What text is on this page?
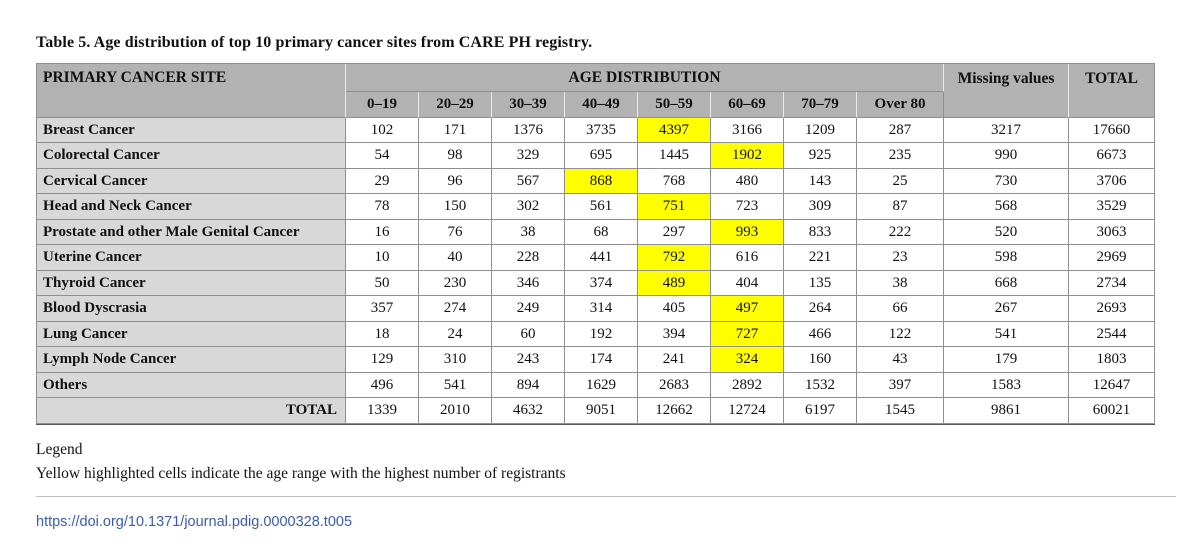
Table 5. Age distribution of top 10 primary cancer sites from CARE PH registry.

PRIMARY CANCER SITE	AGE DISTRIBUTION								Missing values	TOTAL
	0–19	20–29	30–39	40–49	50–59	60–69	70–79	Over 80		
Breast Cancer	102	171	1376	3735	4397	3166	1209	287	3217	17660
Colorectal Cancer	54	98	329	695	1445	1902	925	235	990	6673
Cervical Cancer	29	96	567	868	768	480	143	25	730	3706
Head and Neck Cancer	78	150	302	561	751	723	309	87	568	3529
Prostate and other Male Genital Cancer	16	76	38	68	297	993	833	222	520	3063
Uterine Cancer	10	40	228	441	792	616	221	23	598	2969
Thyroid Cancer	50	230	346	374	489	404	135	38	668	2734
Blood Dyscrasia	357	274	249	314	405	497	264	66	267	2693
Lung Cancer	18	24	60	192	394	727	466	122	541	2544
Lymph Node Cancer	129	310	243	174	241	324	160	43	179	1803
Others	496	541	894	1629	2683	2892	1532	397	1583	12647
TOTAL	1339	2010	4632	9051	12662	12724	6197	1545	9861	60021

Legend

Yellow highlighted cells indicate the age range with the highest number of registrants

https://doi.org/10.1371/journal.pdig.0000328.t005
